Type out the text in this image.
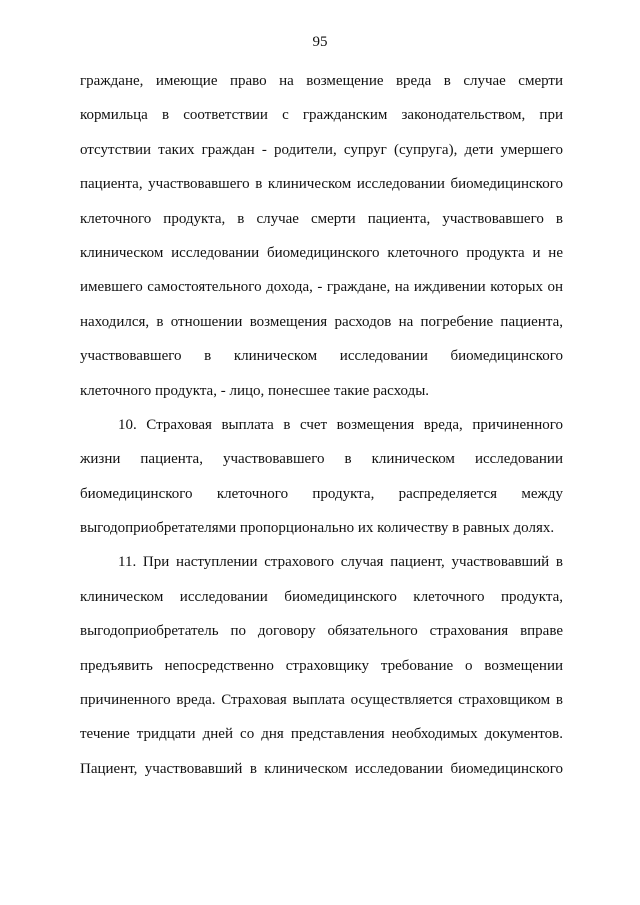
95
граждане, имеющие право на возмещение вреда в случае смерти
кормильца в соответствии с гражданским законодательством, при
отсутствии таких граждан - родители, супруг (супруга), дети умершего
пациента, участвовавшего в клиническом исследовании биомедицинского
клеточного продукта, в случае смерти пациента, участвовавшего в
клиническом исследовании биомедицинского клеточного продукта и не
имевшего самостоятельного дохода, - граждане, на иждивении которых он
находился, в отношении возмещения расходов на погребение пациента,
участвовавшего в клиническом исследовании биомедицинского
клеточного продукта, - лицо, понесшее такие расходы.
10. Страховая выплата в счет возмещения вреда, причиненного
жизни пациента, участвовавшего в клиническом исследовании
биомедицинского клеточного продукта, распределяется между
выгодоприобретателями пропорционально их количеству в равных долях.
11. При наступлении страхового случая пациент, участвовавший в
клиническом исследовании биомедицинского клеточного продукта,
выгодоприобретатель по договору обязательного страхования вправе
предъявить непосредственно страховщику требование о возмещении
причиненного вреда. Страховая выплата осуществляется страховщиком в
течение тридцати дней со дня представления необходимых документов.
Пациент, участвовавший в клиническом исследовании биомедицинского
